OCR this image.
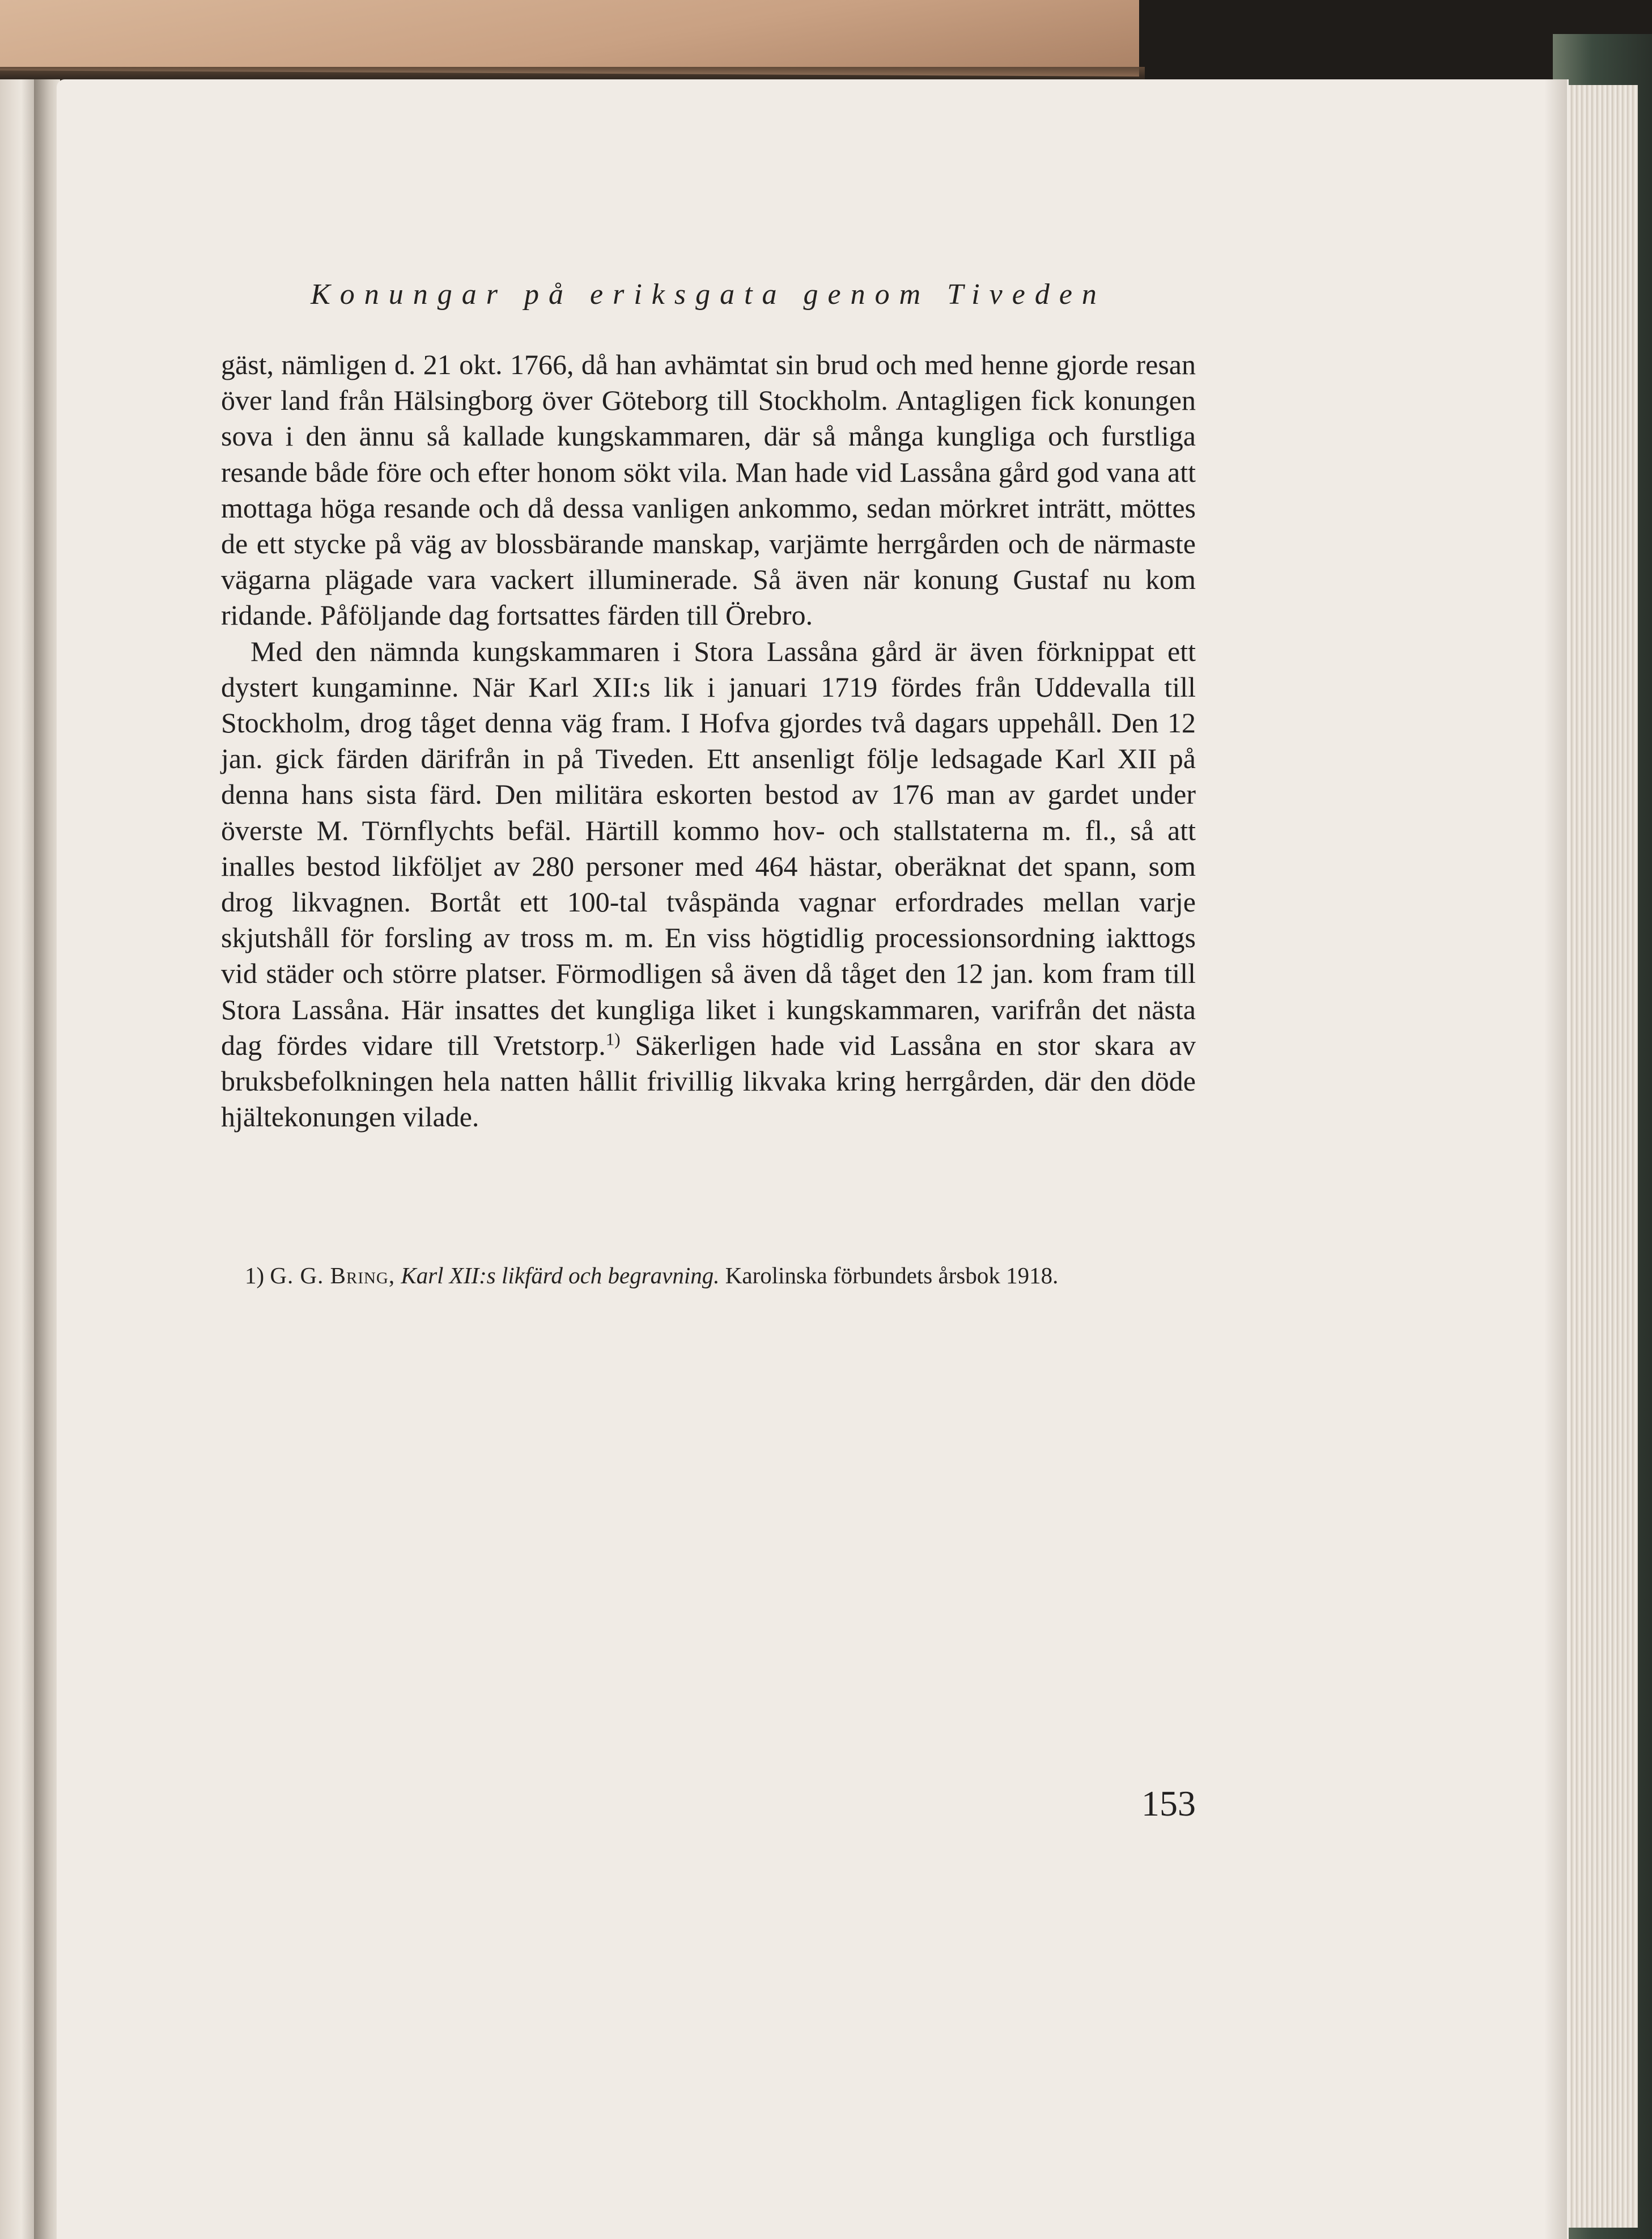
Konungar på eriksgata genom Tiveden

gäst, nämligen d. 21 okt. 1766, då han avhämtat sin brud och med henne gjorde resan över land från Hälsingborg över Göteborg till Stockholm. Antagligen fick konungen sova i den ännu så kallade kungskammaren, där så många kungliga och furstliga resande både före och efter honom sökt vila. Man hade vid Lassåna gård god vana att mottaga höga resande och då dessa vanligen ankommo, sedan mörkret inträtt, möttes de ett stycke på väg av blossbärande manskap, varjämte herrgården och de närmaste vägarna plägade vara vackert illuminerade. Så även när konung Gustaf nu kom ridande. Påföljande dag fortsattes färden till Örebro.

Med den nämnda kungskammaren i Stora Lassåna gård är även förknippat ett dystert kungaminne. När Karl XII:s lik i januari 1719 fördes från Uddevalla till Stockholm, drog tåget denna väg fram. I Hofva gjordes två dagars uppehåll. Den 12 jan. gick färden därifrån in på Tiveden. Ett ansenligt följe ledsagade Karl XII på denna hans sista färd. Den militära eskorten bestod av 176 man av gardet under överste M. Törnflychts befäl. Härtill kommo hov- och stallstaterna m. fl., så att inalles bestod likföljet av 280 personer med 464 hästar, oberäknat det spann, som drog likvagnen. Bortåt ett 100-tal tvåspända vagnar erfordrades mellan varje skjutshåll för forsling av tross m. m. En viss högtidlig processionsordning iakttogs vid städer och större platser. Förmodligen så även då tåget den 12 jan. kom fram till Stora Lassåna. Här insattes det kungliga liket i kungskammaren, varifrån det nästa dag fördes vidare till Vretstorp.$^{1)}$ Säkerligen hade vid Lassåna en stor skara av bruksbefolkningen hela natten hållit frivillig likvaka kring herrgården, där den döde hjältekonungen vilade.

1) G. G. Bring, Karl XII:s likfärd och begravning. Karolinska förbundets årsbok 1918.

153
